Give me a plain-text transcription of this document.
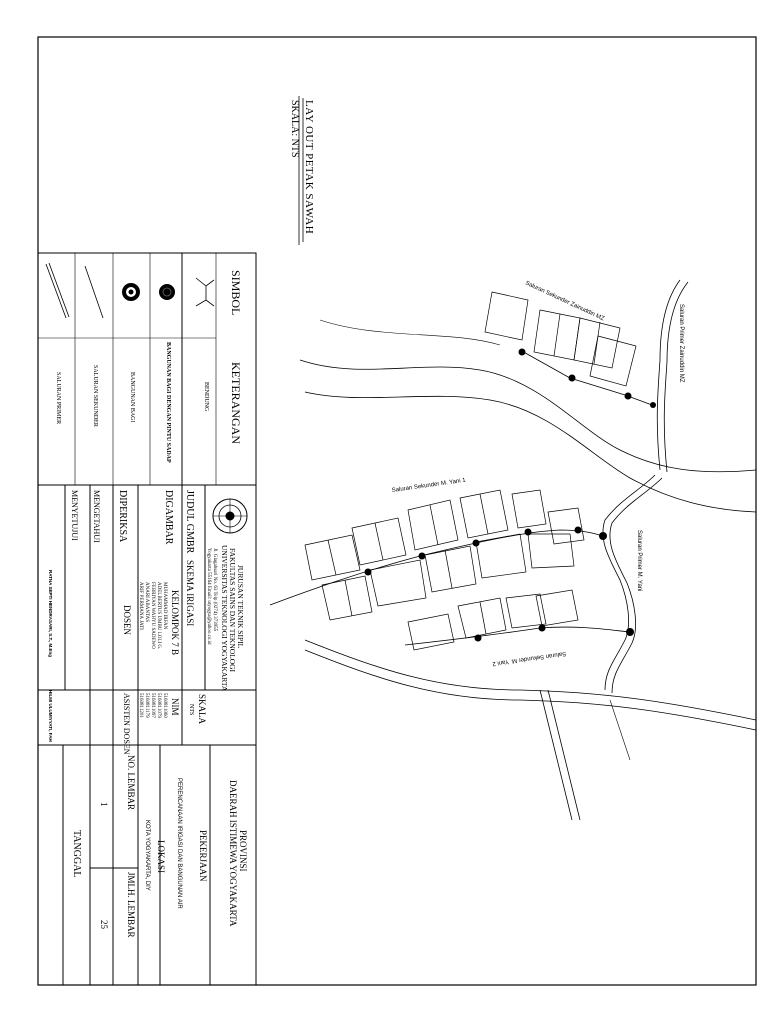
LAY OUT PETAK SAWAH
SKALA: NTS
Saluran Sekunder Zainuddin MZ
Saluran Primer Zainuddin MZ
Saluran Sekunder M. Yani 1
Saluran Primer M. Yani
Saluran Sekunder M. Yani 2
SIMBOL
KETERANGAN
BENDUNG
BANGUNAN BAGI DENGAN PINTU SADAP
BANGUNAN BAGI
SALURAN SEKUNDER
SALURAN PRIMER
JURUSAN TEKNIK SIPIL
FAKULTAS SAINS DAN TEKNOLOGI
UNIVERSITAS TEKNOLOGI YOGYAKARTA
Jl. Glagahsari No. 63 Telp (0274) 373955
Yogyakarta 55164 Email: utyogya@yahoo.co.id
JUDUL GMBR
SKEMA IRIGASI
SKALA
NTS
DIGAMBAR
KELOMPOK 7 B
NIM
MUHAMMAD IRFAN
ADELBERTUS UMBU LOLI G.
FEBRIYAN WAHYU SADEWO
ANARI ABANTAS
ARIF PERMANA JATI
5160811060
5160811079
5160811097
5160811179
5160811201
DIPERIKSA
DOSEN
ASISTEN DOSEN
MENGETAHUI
MENYETUJUI
RATNA SEPTI HENDRASARI, S.T., M.Eng
HILMI ULUMIYYATI, FAH
PROVINSI
DAERAH ISTIMEWA YOGYAKARTA
PEKERJAAN
PERENCANAAN IRIGASI DAN BANGUNAN AIR
LOKASI
KOTA YOGYAKARTA, DIY
NO. LEMBAR
1
JMLH. LEMBAR
25
TANGGAL
